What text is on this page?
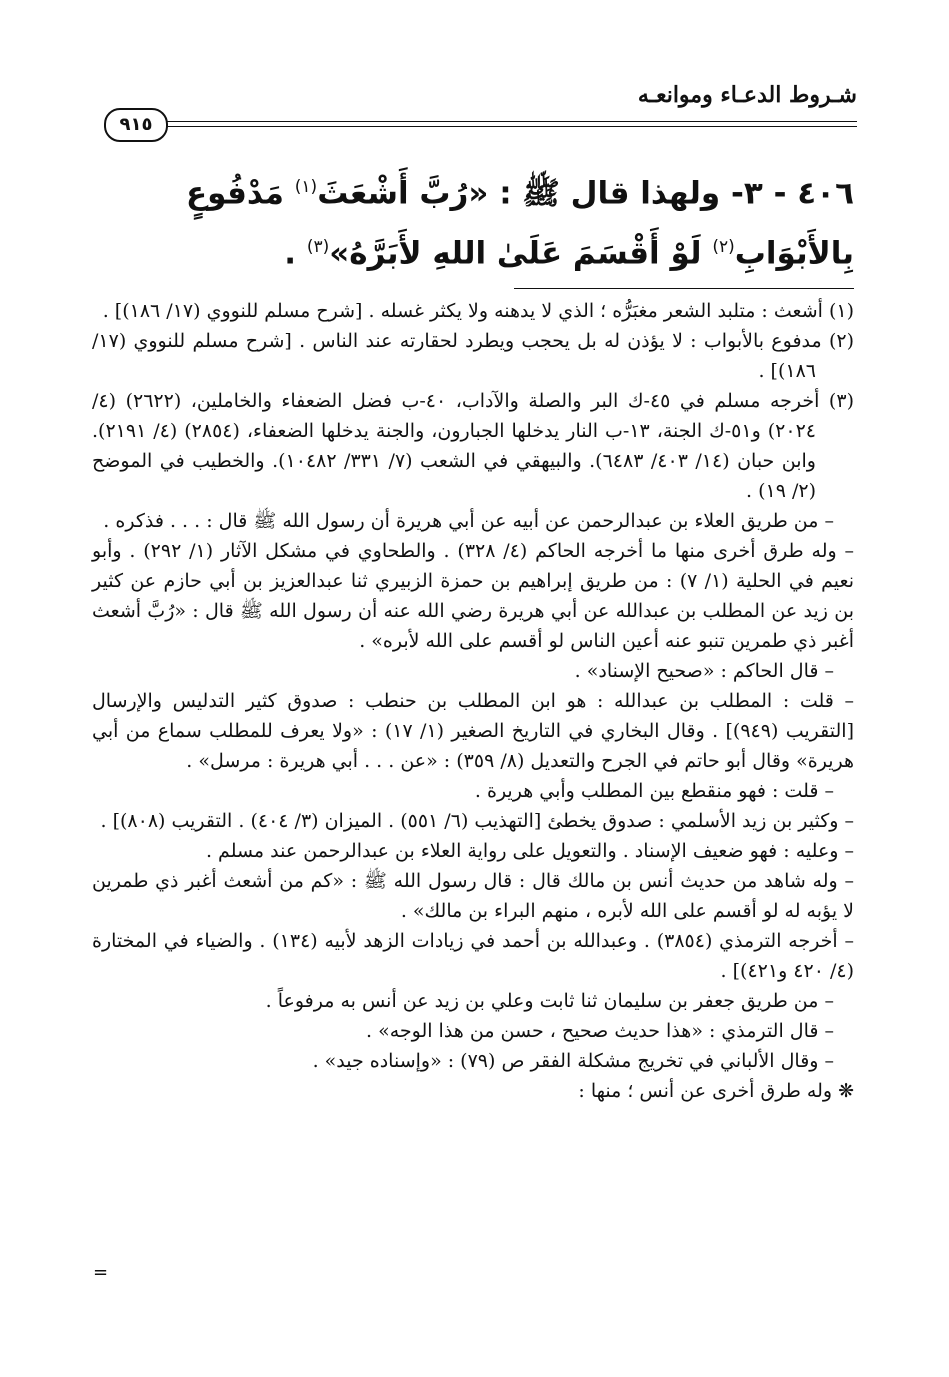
شـروط الدعـاء وموانعـه
٩١٥
٤٠٦ - ٣- ولهذا قال ﷺ : «رُبَّ أَشْعَثَ$^{(١)}$ مَدْفُوعٍ بِالأَبْوَابِ$^{(٢)}$ لَوْ أَقْسَمَ عَلَىٰ اللهِ لأَبَرَّهُ»$^{(٣)}$ .

(١) أشعث : متلبد الشعر مغبَرُّه ؛ الذي لا يدهنه ولا يكثر غسله . [شرح مسلم للنووي (١٧/ ١٨٦)] .

(٢) مدفوع بالأبواب : لا يؤذن له بل يحجب ويطرد لحقارته عند الناس . [شرح مسلم للنووي (١٧/ ١٨٦)] .

(٣) أخرجه مسلم في ٤٥-ك البر والصلة والآداب، ٤٠-ب فضل الضعفاء والخاملين، (٢٦٢٢) (٤/ ٢٠٢٤) و٥١-ك الجنة، ١٣-ب النار يدخلها الجبارون، والجنة يدخلها الضعفاء، (٢٨٥٤) (٤/ ٢١٩١). وابن حبان (١٤/ ٤٠٣/ ٦٤٨٣). والبيهقي في الشعب (٧/ ٣٣١/ ١٠٤٨٢). والخطيب في الموضح (٢/ ١٩) .

– من طريق العلاء بن عبدالرحمن عن أبيه عن أبي هريرة أن رسول الله ﷺ قال : . . . فذكره .

– وله طرق أخرى منها ما أخرجه الحاكم (٤/ ٣٢٨) . والطحاوي في مشكل الآثار (١/ ٢٩٢) . وأبو نعيم في الحلية (١/ ٧) : من طريق إبراهيم بن حمزة الزبيري ثنا عبدالعزيز بن أبي حازم عن كثير بن زيد عن المطلب بن عبدالله عن أبي هريرة رضي الله عنه أن رسول الله ﷺ قال : «رُبَّ أشعث أغبر ذي طمرين تنبو عنه أعين الناس لو أقسم على الله لأبره» .

– قال الحاكم : «صحيح الإسناد» .

– قلت : المطلب بن عبدالله : هو ابن المطلب بن حنطب : صدوق كثير التدليس والإرسال [التقريب (٩٤٩)] . وقال البخاري في التاريخ الصغير (١/ ١٧) : «ولا يعرف للمطلب سماع من أبي هريرة» وقال أبو حاتم في الجرح والتعديل (٨/ ٣٥٩) : «عن . . . أبي هريرة : مرسل» .

– قلت : فهو منقطع بين المطلب وأبي هريرة .

– وكثير بن زيد الأسلمي : صدوق يخطئ [التهذيب (٦/ ٥٥١) . الميزان (٣/ ٤٠٤) . التقريب (٨٠٨)] .

– وعليه : فهو ضعيف الإسناد . والتعويل على رواية العلاء بن عبدالرحمن عند مسلم .

– وله شاهد من حديث أنس بن مالك قال : قال رسول الله ﷺ : «كم من أشعث أغبر ذي طمرين لا يؤبه له لو أقسم على الله لأبره ، منهم البراء بن مالك» .

– أخرجه الترمذي (٣٨٥٤) . وعبدالله بن أحمد في زيادات الزهد لأبيه (١٣٤) . والضياء في المختارة (٤/ ٤٢٠ و٤٢١)] .

– من طريق جعفر بن سليمان ثنا ثابت وعلي بن زيد عن أنس به مرفوعاً .

– قال الترمذي : «هذا حديث صحيح ، حسن من هذا الوجه» .

– وقال الألباني في تخريج مشكلة الفقر ص (٧٩) : «وإسناده جيد» .

❋ وله طرق أخرى عن أنس ؛ منها :

=
